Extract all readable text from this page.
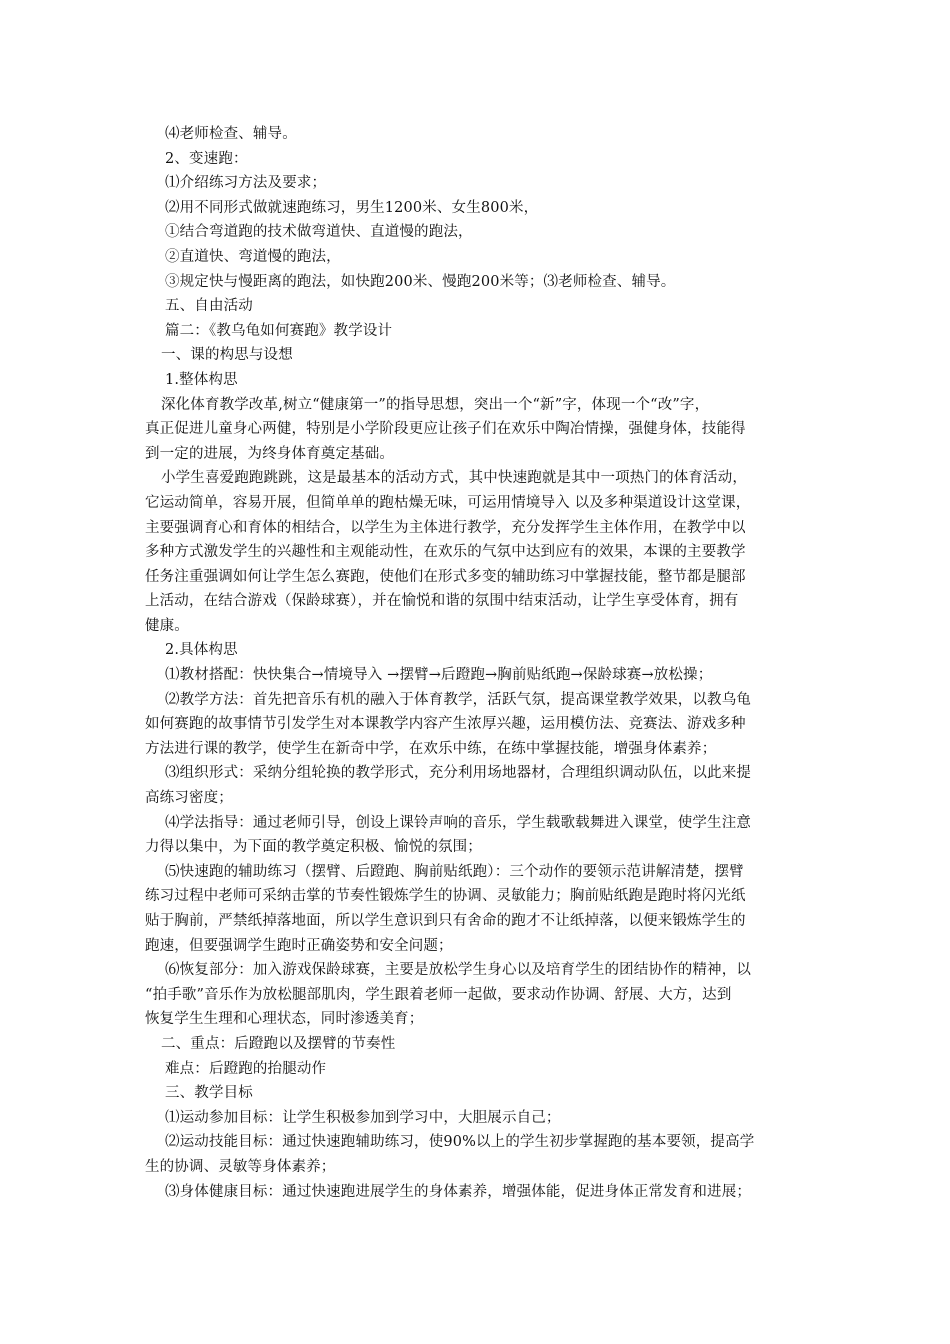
⑷老师检查、辅导。
2、变速跑：
⑴介绍练习方法及要求；
⑵用不同形式做就速跑练习，男生1200米、女生800米，
①结合弯道跑的技术做弯道快、直道慢的跑法，
②直道快、弯道慢的跑法，
③规定快与慢距离的跑法，如快跑200米、慢跑200米等；⑶老师检查、辅导。
五、自由活动
篇二：《教乌龟如何赛跑》教学设计
一、课的构思与设想
1.整体构思
深化体育教学改革,树立“健康第一”的指导思想，突出一个“新”字，体现一个“改”字，
真正促进儿童身心两健，特别是小学阶段更应让孩子们在欢乐中陶冶情操，强健身体，技能得
到一定的进展，为终身体育奠定基础。
小学生喜爱跑跑跳跳，这是最基本的活动方式，其中快速跑就是其中一项热门的体育活动，
它运动简单，容易开展，但简单单的跑枯燥无味，可运用情境导入 以及多种渠道设计这堂课，
主要强调育心和育体的相结合，以学生为主体进行教学，充分发挥学生主体作用，在教学中以
多种方式激发学生的兴趣性和主观能动性，在欢乐的气氛中达到应有的效果，本课的主要教学
任务注重强调如何让学生怎么赛跑，使他们在形式多变的辅助练习中掌握技能，整节都是腿部
上活动，在结合游戏（保龄球赛），并在愉悦和谐的氛围中结束活动，让学生享受体育，拥有
健康。
2.具体构思
⑴教材搭配：快快集合→情境导入 →摆臂→后蹬跑→胸前贴纸跑→保龄球赛→放松操；
⑵教学方法：首先把音乐有机的融入于体育教学，活跃气氛，提高课堂教学效果，以教乌龟
如何赛跑的故事情节引发学生对本课教学内容产生浓厚兴趣，运用模仿法、竞赛法、游戏多种
方法进行课的教学，使学生在新奇中学，在欢乐中练，在练中掌握技能，增强身体素养；
⑶组织形式：采纳分组轮换的教学形式，充分利用场地器材，合理组织调动队伍，以此来提
高练习密度；
⑷学法指导：通过老师引导，创设上课铃声响的音乐，学生载歌载舞进入课堂，使学生注意
力得以集中，为下面的教学奠定积极、愉悦的氛围；
⑸快速跑的辅助练习（摆臂、后蹬跑、胸前贴纸跑）：三个动作的要领示范讲解清楚，摆臂
练习过程中老师可采纳击掌的节奏性锻炼学生的协调、灵敏能力；胸前贴纸跑是跑时将闪光纸
贴于胸前，严禁纸掉落地面，所以学生意识到只有舍命的跑才不让纸掉落，以便来锻炼学生的
跑速，但要强调学生跑时正确姿势和安全问题；
⑹恢复部分：加入游戏保龄球赛，主要是放松学生身心以及培育学生的团结协作的精神，以
“拍手歌”音乐作为放松腿部肌肉，学生跟着老师一起做，要求动作协调、舒展、大方，达到
恢复学生生理和心理状态，同时渗透美育；
二、重点：后蹬跑以及摆臂的节奏性
难点：后蹬跑的抬腿动作
三、教学目标
⑴运动参加目标：让学生积极参加到学习中，大胆展示自己；
⑵运动技能目标：通过快速跑辅助练习，使90%以上的学生初步掌握跑的基本要领，提高学
生的协调、灵敏等身体素养；
⑶身体健康目标：通过快速跑进展学生的身体素养，增强体能，促进身体正常发育和进展；
